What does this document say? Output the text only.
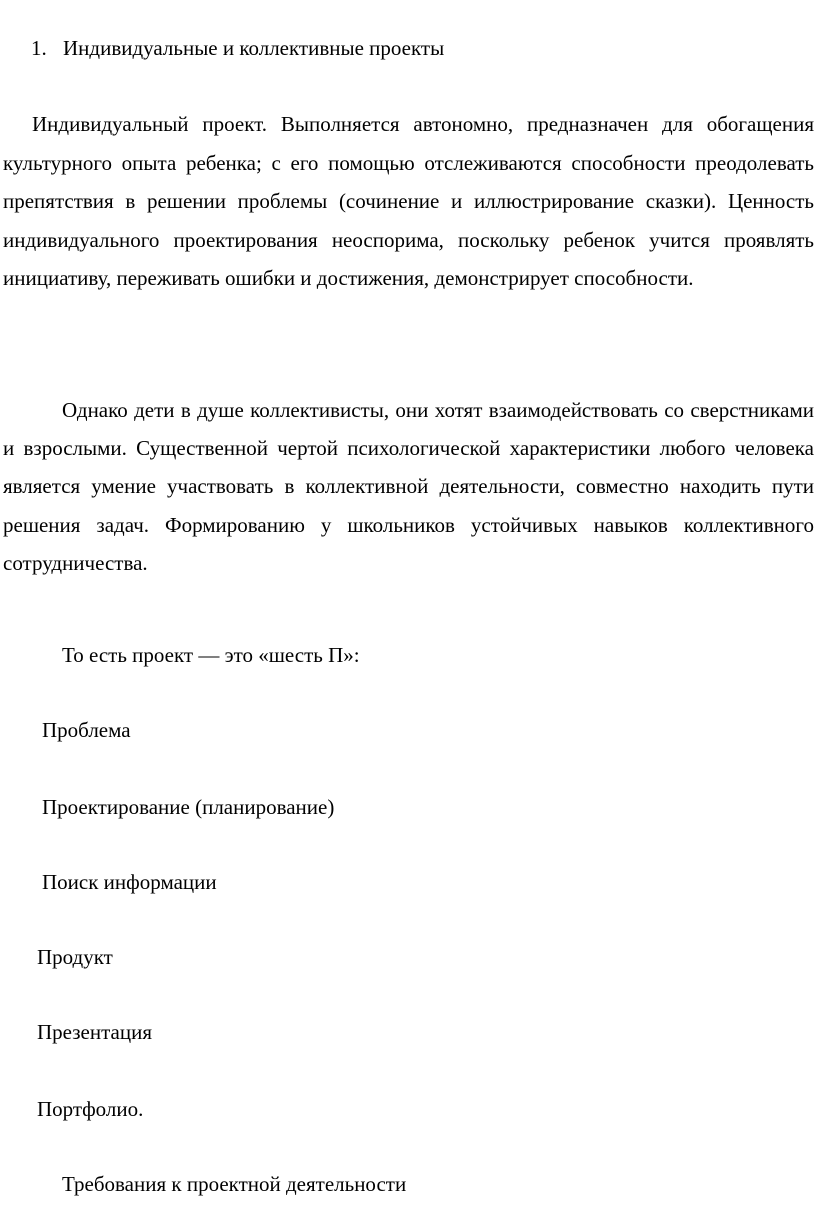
1. Индивидуальные и коллективные проекты
Индивидуальный проект. Выполняется автономно, предназначен для обогащения культурного опыта ребенка; с его помощью отслеживаются способности преодолевать препятствия в решении проблемы (сочинение и иллюстрирование сказки). Ценность индивидуального проектирования неоспорима, поскольку ребенок учится проявлять инициативу, переживать ошибки и достижения, демонстрирует способности.
Однако дети в душе коллективисты, они хотят взаимодействовать со сверстниками и взрослыми. Существенной чертой психологической характеристики любого человека является умение участвовать в коллективной деятельности, совместно находить пути решения задач. Формированию у школьников устойчивых навыков коллективного сотрудничества.
То есть проект — это «шесть П»:
Проблема
Проектирование (планирование)
Поиск информации
Продукт
Презентация
Портфолио.
Требования к проектной деятельности
